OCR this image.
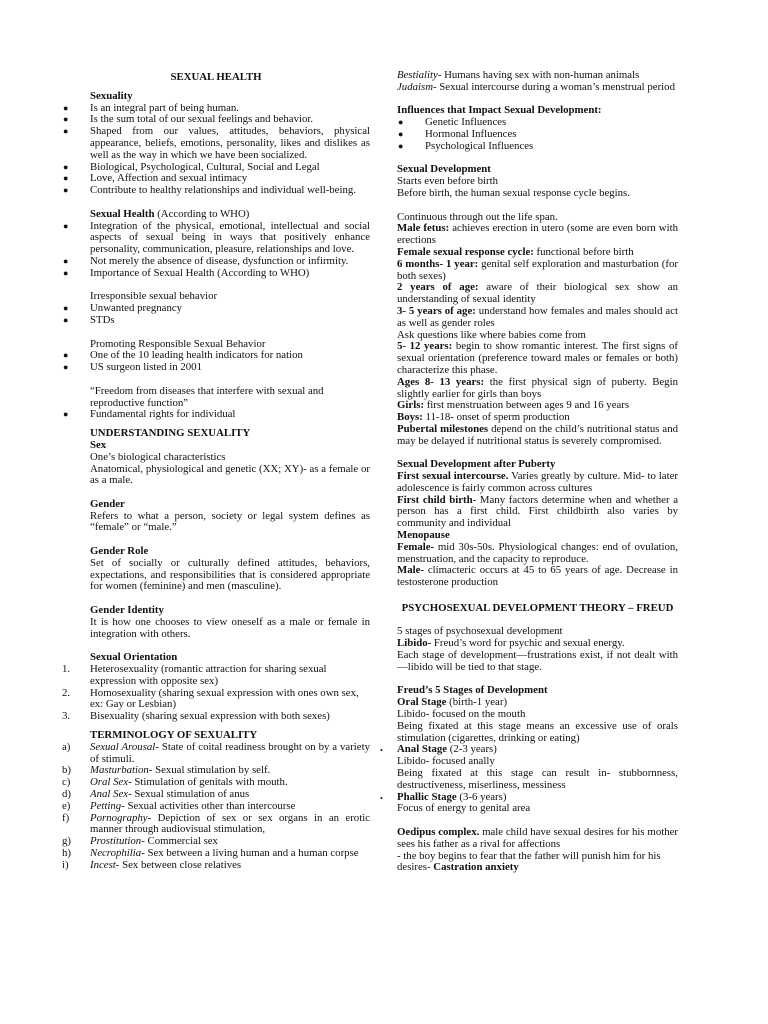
SEXUAL HEALTH
Sexuality
● Is an integral part of being human.
● Is the sum total of our sexual feelings and behavior.
● Shaped from our values, attitudes, behaviors, physical appearance, beliefs, emotions, personality, likes and dislikes as well as the way in which we have been socialized.
● Biological, Psychological, Cultural, Social and Legal
● Love, Affection and sexual intimacy
● Contribute to healthy relationships and individual well-being.
Sexual Health (According to WHO)
● Integration of the physical, emotional, intellectual and social aspects of sexual being in ways that positively enhance personality, communication, pleasure, relationships and love.
● Not merely the absence of disease, dysfunction or infirmity.
● Importance of Sexual Health (According to WHO)
Irresponsible sexual behavior
● Unwanted pregnancy
● STDs
Promoting Responsible Sexual Behavior
● One of the 10 leading health indicators for nation
● US surgeon listed in 2001
“Freedom from diseases that interfere with sexual and reproductive function”
● Fundamental rights for individual
UNDERSTANDING SEXUALITY
Sex
One’s biological characteristics
Anatomical, physiological and genetic (XX; XY)- as a female or as a male.
Gender
Refers to what a person, society or legal system defines as “female” or “male.”
Gender Role
Set of socially or culturally defined attitudes, behaviors, expectations, and responsibilities that is considered appropriate for women (feminine) and men (masculine).
Gender Identity
It is how one chooses to view oneself as a male or female in integration with others.
Sexual Orientation
1. Heterosexuality (romantic attraction for sharing sexual expression with opposite sex)
2. Homosexuality (sharing sexual expression with ones own sex, ex: Gay or Lesbian)
3. Bisexuality (sharing sexual expression with both sexes)
TERMINOLOGY OF SEXUALITY
a) Sexual Arousal- State of coital readiness brought on by a variety of stimuli.
b) Masturbation- Sexual stimulation by self.
c) Oral Sex- Stimulation of genitals with mouth.
d) Anal Sex- Sexual stimulation of anus
e) Petting- Sexual activities other than intercourse
f) Pornography- Depiction of sex or sex organs in an erotic manner through audiovisual stimulation,
g) Prostitution- Commercial sex
h) Necrophilia- Sex between a living human and a human corpse
i) Incest- Sex between close relatives

Bestiality- Humans having sex with non-human animals

Judaism- Sexual intercourse during a woman’s menstrual period

Influences that Impact Sexual Development:
● Genetic Influences
● Hormonal Influences
● Psychological Influences
Sexual Development
Starts even before birth
Before birth, the human sexual response cycle begins.
Continuous through out the life span.

Male fetus: achieves erection in utero (some are even born with erections

Female sexual response cycle: functional before birth

6 months- 1 year: genital self exploration and masturbation (for both sexes)

2 years of age: aware of their biological sex show an understanding of sexual identity

3- 5 years of age: understand how females and males should act as well as gender roles

Ask questions like where babies come from

5- 12 years: begin to show romantic interest. The first signs of sexual orientation (preference toward males or females or both) characterize this phase.

Ages 8- 13 years: the first physical sign of puberty. Begin slightly earlier for girls than boys

Girls: first menstruation between ages 9 and 16 years

Boys: 11-18- onset of sperm production

Pubertal milestones depend on the child’s nutritional status and may be delayed if nutritional status is severely compromised.

Sexual Development after Puberty

First sexual intercourse. Varies greatly by culture. Mid- to later adolescence is fairly common across cultures

First child birth- Many factors determine when and whether a person has a first child. First childbirth also varies by community and individual

Menopause

Female- mid 30s-50s. Physiological changes: end of ovulation, menstruation, and the capacity to reproduce.

Male- climacteric occurs at 45 to 65 years of age. Decrease in testosterone production

PSYCHOSEXUAL DEVELOPMENT THEORY – FREUD
5 stages of psychosexual development

Libido- Freud’s word for psychic and sexual energy.

Each stage of development—frustrations exist, if not dealt with—libido will be tied to that stage.

Freud’s 5 Stages of Development

Oral Stage (birth-1 year)

Libido- focused on the mouth

Being fixated at this stage means an excessive use of orals stimulation (cigarettes, drinking or eating)

• Anal Stage (2-3 years)

Libido- focused anally

Being fixated at this stage can result in- stubbornness, destructiveness, miserliness, messiness

• Phallic Stage (3-6 years)

Focus of energy to genital area

Oedipus complex. male child have sexual desires for his mother sees his father as a rival for affections

- the boy begins to fear that the father will punish him for his desires- Castration anxiety
